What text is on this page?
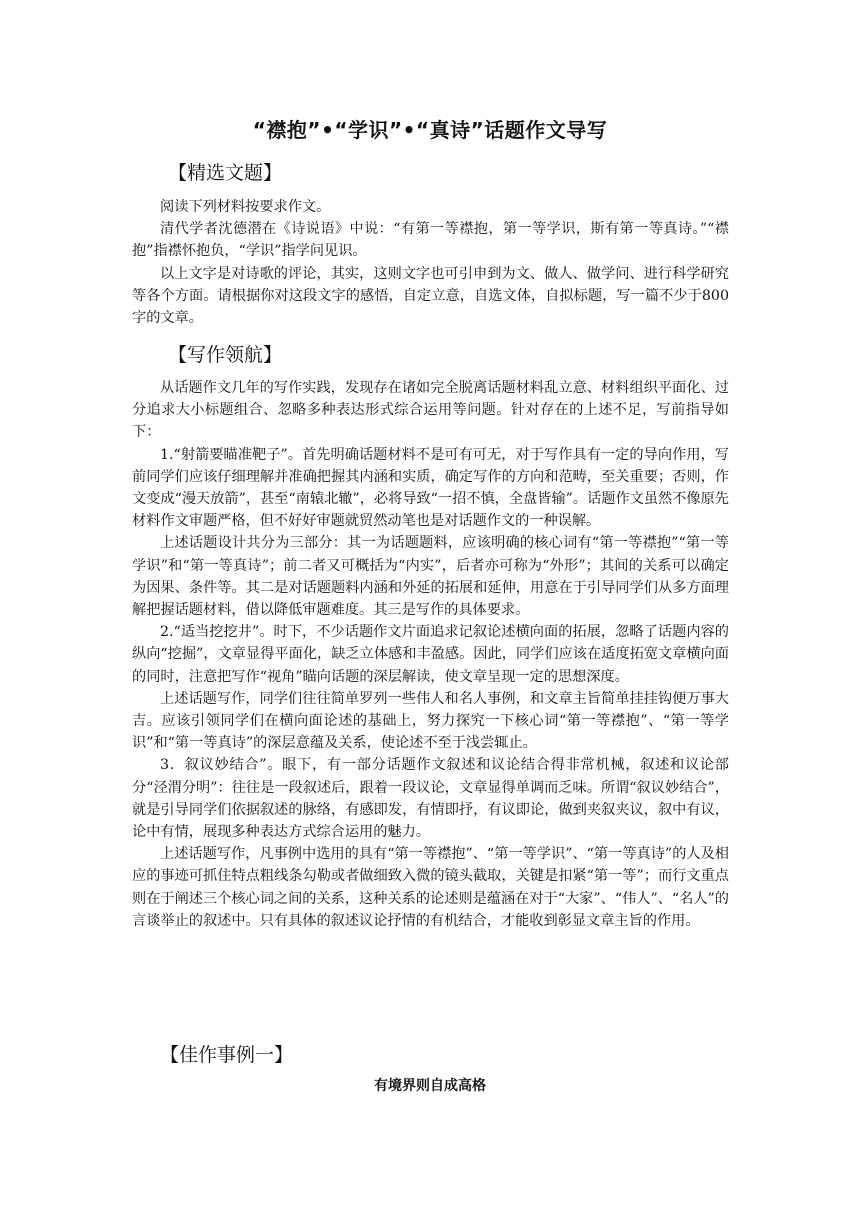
“襟抱”•“学识”•“真诗”话题作文导写
【精选文题】

阅读下列材料按要求作文。

清代学者沈德潜在《诗说语》中说：“有第一等襟抱，第一等学识，斯有第一等真诗。”“襟抱”指襟怀抱负，“学识”指学问见识。

以上文字是对诗歌的评论，其实，这则文字也可引申到为文、做人、做学问、进行科学研究等各个方面。请根据你对这段文字的感悟，自定立意，自选文体，自拟标题，写一篇不少于800字的文章。

【写作领航】

从话题作文几年的写作实践，发现存在诸如完全脱离话题材料乱立意、材料组织平面化、过分追求大小标题组合、忽略多种表达形式综合运用等问题。针对存在的上述不足，写前指导如下：

1.“射箭要瞄准靶子”。首先明确话题材料不是可有可无，对于写作具有一定的导向作用，写前同学们应该仔细理解并准确把握其内涵和实质，确定写作的方向和范畴，至关重要；否则，作文变成“漫天放箭”，甚至“南辕北辙”，必将导致“一招不慎，全盘皆输”。话题作文虽然不像原先材料作文审题严格，但不好好审题就贸然动笔也是对话题作文的一种误解。

上述话题设计共分为三部分：其一为话题题料，应该明确的核心词有“第一等襟抱”“第一等学识”和“第一等真诗”；前二者又可概括为“内实”，后者亦可称为“外形”；其间的关系可以确定为因果、条件等。其二是对话题题料内涵和外延的拓展和延伸，用意在于引导同学们从多方面理解把握话题材料，借以降低审题难度。其三是写作的具体要求。

2.“适当挖挖井”。时下，不少话题作文片面追求记叙论述横向面的拓展，忽略了话题内容的纵向“挖掘”，文章显得平面化，缺乏立体感和丰盈感。因此，同学们应该在适度拓宽文章横向面的同时，注意把写作“视角”瞄向话题的深层解读，使文章呈现一定的思想深度。

上述话题写作，同学们往往简单罗列一些伟人和名人事例，和文章主旨简单挂挂钩便万事大吉。应该引领同学们在横向面论述的基础上，努力探究一下核心词“第一等襟抱”、“第一等学识”和“第一等真诗”的深层意蕴及关系，使论述不至于浅尝辄止。

3．叙议妙结合”。眼下，有一部分话题作文叙述和议论结合得非常机械，叙述和议论部分“泾渭分明”：往往是一段叙述后，跟着一段议论，文章显得单调而乏味。所谓“叙议妙结合”，就是引导同学们依据叙述的脉络，有感即发，有情即抒，有议即论，做到夹叙夹议，叙中有议，论中有情，展现多种表达方式综合运用的魅力。

上述话题写作，凡事例中选用的具有“第一等襟抱”、“第一等学识”、“第一等真诗”的人及相应的事迹可抓住特点粗线条勾勒或者做细致入微的镜头截取，关键是扣紧“第一等”；而行文重点则在于阐述三个核心词之间的关系，这种关系的论述则是蕴涵在对于“大家”、“伟人”、“名人”的言谈举止的叙述中。只有具体的叙述议论抒情的有机结合，才能收到彰显文章主旨的作用。

【佳作事例一】
有境界则自成高格
